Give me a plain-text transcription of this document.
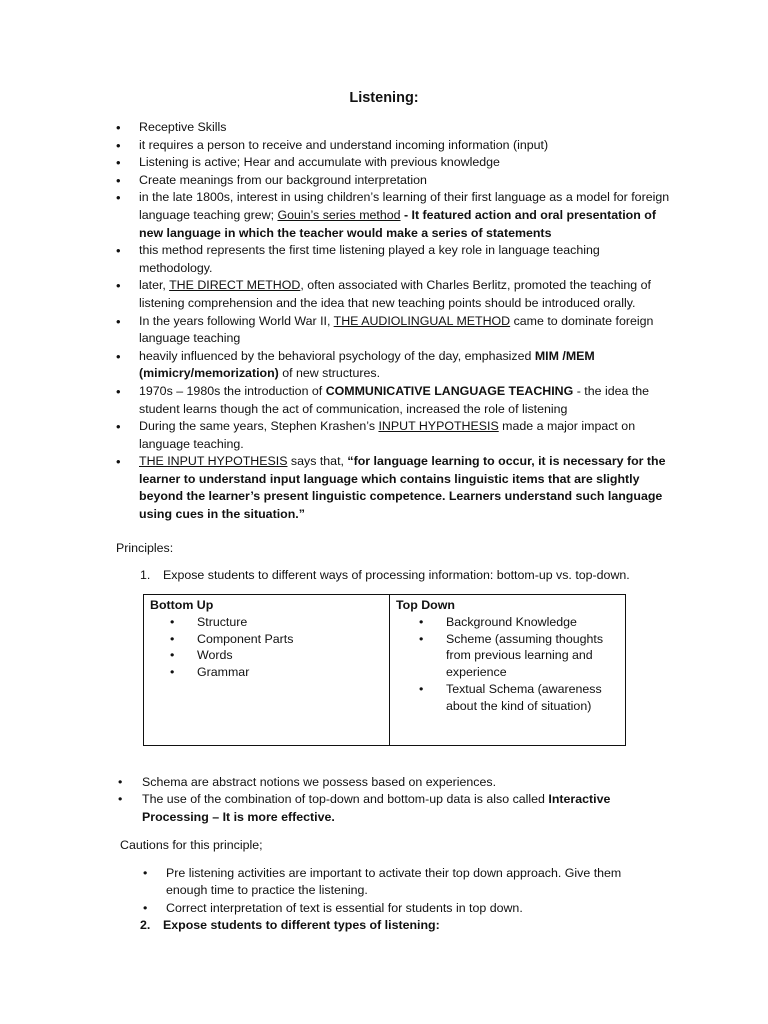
Listening:
• Receptive Skills
• it requires a person to receive and understand incoming information (input)
• Listening is active; Hear and accumulate with previous knowledge
• Create meanings from our background interpretation
• in the late 1800s, interest in using children’s learning of their first language as a model for foreign language teaching grew; Gouin’s series method - It featured action and oral presentation of new language in which the teacher would make a series of statements
• this method represents the first time listening played a key role in language teaching methodology.
• later, THE DIRECT METHOD, often associated with Charles Berlitz, promoted the teaching of listening comprehension and the idea that new teaching points should be introduced orally.
• In the years following World War II, THE AUDIOLINGUAL METHOD came to dominate foreign language teaching
• heavily influenced by the behavioral psychology of the day, emphasized MIM /MEM (mimicry/memorization) of new structures.
• 1970s – 1980s the introduction of COMMUNICATIVE LANGUAGE TEACHING - the idea the student learns though the act of communication, increased the role of listening
• During the same years, Stephen Krashen’s INPUT HYPOTHESIS made a major impact on language teaching.
• THE INPUT HYPOTHESIS says that, “for language learning to occur, it is necessary for the learner to understand input language which contains linguistic items that are slightly beyond the learner’s present linguistic competence. Learners understand such language using cues in the situation.”
Principles:
1. Expose students to different ways of processing information: bottom-up vs. top-down.
Bottom Up
• Structure
• Component Parts
• Words
• Grammar

Top Down
• Background Knowledge
• Scheme (assuming thoughts from previous learning and experience
• Textual Schema (awareness about the kind of situation)
• Schema are abstract notions we possess based on experiences.
• The use of the combination of top-down and bottom-up data is also called Interactive Processing – It is more effective.
Cautions for this principle;
• Pre listening activities are important to activate their top down approach. Give them enough time to practice the listening.
• Correct interpretation of text is essential for students in top down.
2. Expose students to different types of listening:
